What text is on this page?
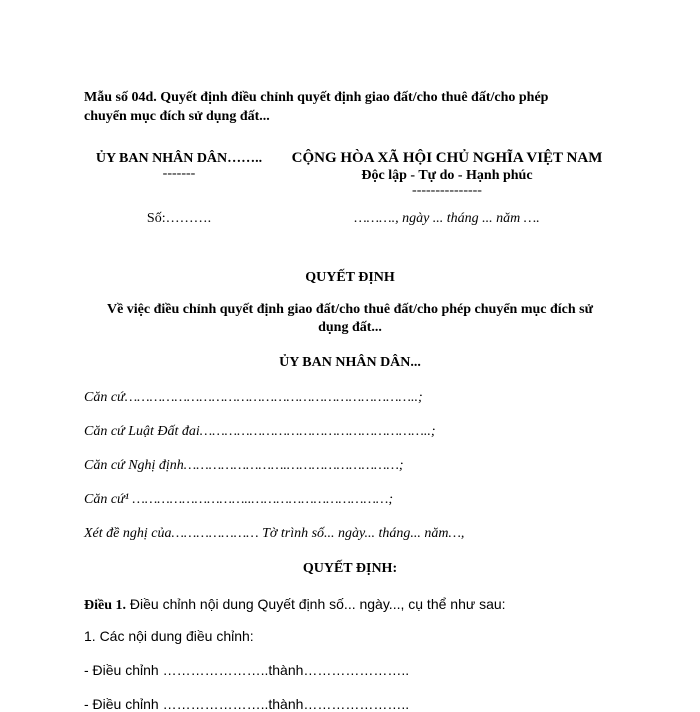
Mẫu số 04d. Quyết định điều chỉnh quyết định giao đất/cho thuê đất/cho phép
chuyển mục đích sử dụng đất...
ỦY BAN NHÂN DÂN……..
-------
CỘNG HÒA XÃ HỘI CHỦ NGHĨA VIỆT NAM
Độc lập - Tự do - Hạnh phúc
---------------
Số:……….	………., ngày ... tháng ... năm ….
QUYẾT ĐỊNH
Về việc điều chỉnh quyết định giao đất/cho thuê đất/cho phép chuyển mục đích sử
dụng đất...
ỦY BAN NHÂN DÂN...
Căn cứ……………………………………………………………..;
Căn cứ Luật Đất đai………………………………………………..;
Căn cứ Nghị định…………………….………………………;
Căn cứ¹ ………………………..……………………………;
Xét đề nghị của………………… Tờ trình số... ngày... tháng... năm…,
QUYẾT ĐỊNH:
Điều 1. Điều chỉnh nội dung Quyết định số... ngày..., cụ thể như sau:
1. Các nội dung điều chỉnh:
- Điều chỉnh …………………..thành…………………..
- Điều chỉnh …………………..thành…………………..
